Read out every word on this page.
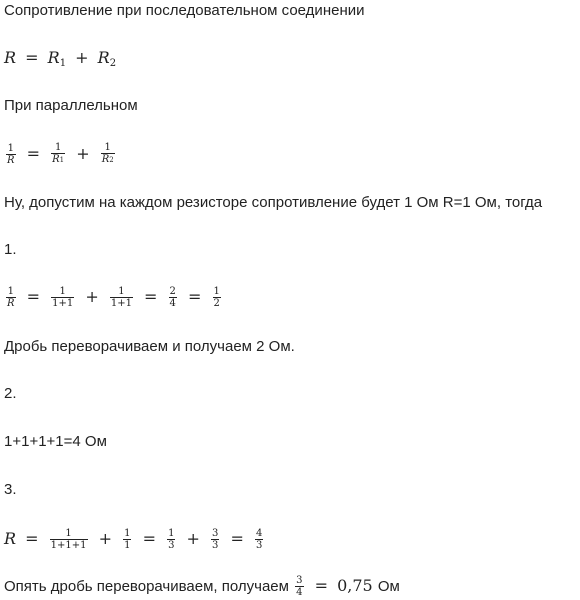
Сопротивление при последовательном соединении
$R = R_1 + R_2$
При параллельном
$\frac{1}{R} = \frac{1}{R1} + \frac{1}{R2}$
Ну, допустим на каждом резисторе сопротивление будет 1 Ом R=1 Ом, тогда
1.
$\frac{1}{R} = \frac{1}{1+1} + \frac{1}{1+1} = \frac{2}{4} = \frac{1}{2}$
Дробь переворачиваем и получаем 2 Ом.
2.
1+1+1+1=4 Ом
3.
$R = \frac{1}{1+1+1} + \frac{1}{1} = \frac{1}{3} + \frac{3}{3} = \frac{4}{3}$
Опять дробь переворачиваем, получаем $\frac{3}{4} = 0,75$ Ом
